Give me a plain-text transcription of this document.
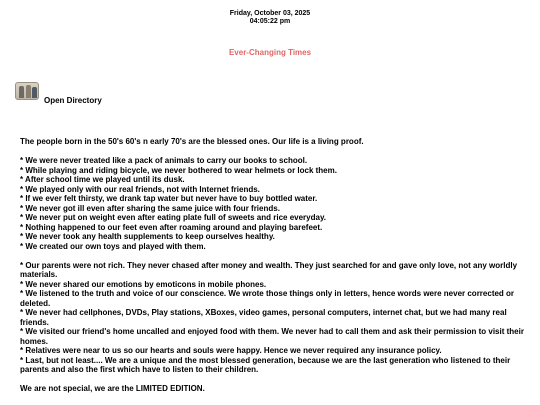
Friday, October 03, 2025
04:05:22 pm
Ever-Changing Times
Open Directory

The people born in the 50's 60's n early 70's are the blessed ones. Our life is a living proof.

* We were never treated like a pack of animals to carry our books to school.

* While playing and riding bicycle, we never bothered to wear helmets or lock them.

* After school time we played until its dusk.

* We played only with our real friends, not with Internet friends.

* If we ever felt thirsty, we drank tap water but never have to buy bottled water.

* We never got ill even after sharing the same juice with four friends.

* We never put on weight even after eating plate full of sweets and rice everyday.

* Nothing happened to our feet even after roaming around and playing barefeet.

* We never took any health supplements to keep ourselves healthy.

* We created our own toys and played with them.

* Our parents were not rich. They never chased after money and wealth. They just searched for and gave only love, not any worldly materials.

* We never shared our emotions by emoticons in mobile phones.

* We listened to the truth and voice of our conscience. We wrote those things only in letters, hence words were never corrected or deleted.

* We never had cellphones, DVDs, Play stations, XBoxes, video games, personal computers, internet chat, but we had many real friends.

* We visited our friend's home uncalled and enjoyed food with them. We never had to call them and ask their permission to visit their homes.

* Relatives were near to us so our hearts and souls were happy. Hence we never required any insurance policy.

* Last, but not least.... We are a unique and the most blessed generation, because we are the last generation who listened to their parents and also the first which have to listen to their children.

We are not special, we are the LIMITED EDITION.
